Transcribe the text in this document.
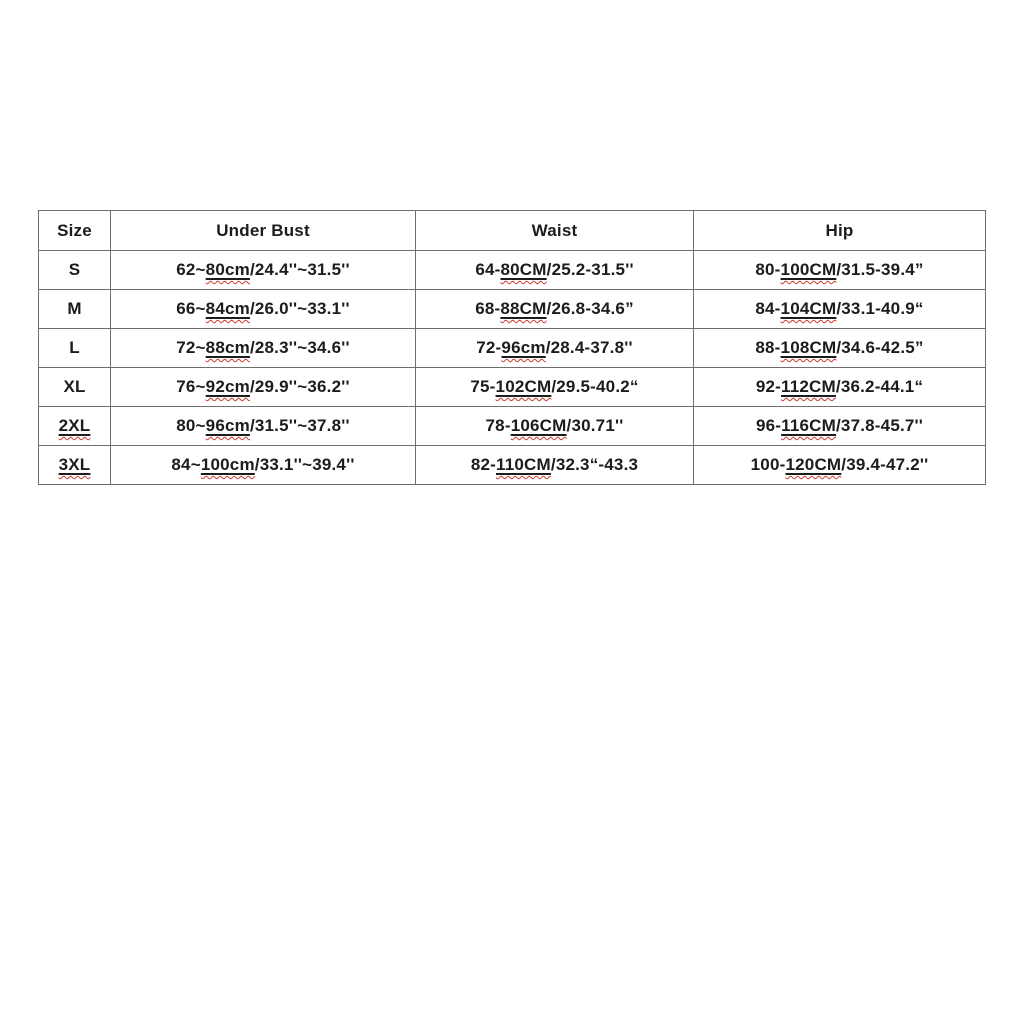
Size	Under Bust	Waist	Hip
S	62~80cm/24.4''~31.5''	64-80CM/25.2-31.5''	80-100CM/31.5-39.4”
M	66~84cm/26.0''~33.1''	68-88CM/26.8-34.6”	84-104CM/33.1-40.9“
L	72~88cm/28.3''~34.6''	72-96cm/28.4-37.8''	88-108CM/34.6-42.5”
XL	76~92cm/29.9''~36.2''	75-102CM/29.5-40.2“	92-112CM/36.2-44.1“
2XL	80~96cm/31.5''~37.8''	78-106CM/30.71''	96-116CM/37.8-45.7''
3XL	84~100cm/33.1''~39.4''	82-110CM/32.3“-43.3	100-120CM/39.4-47.2''
